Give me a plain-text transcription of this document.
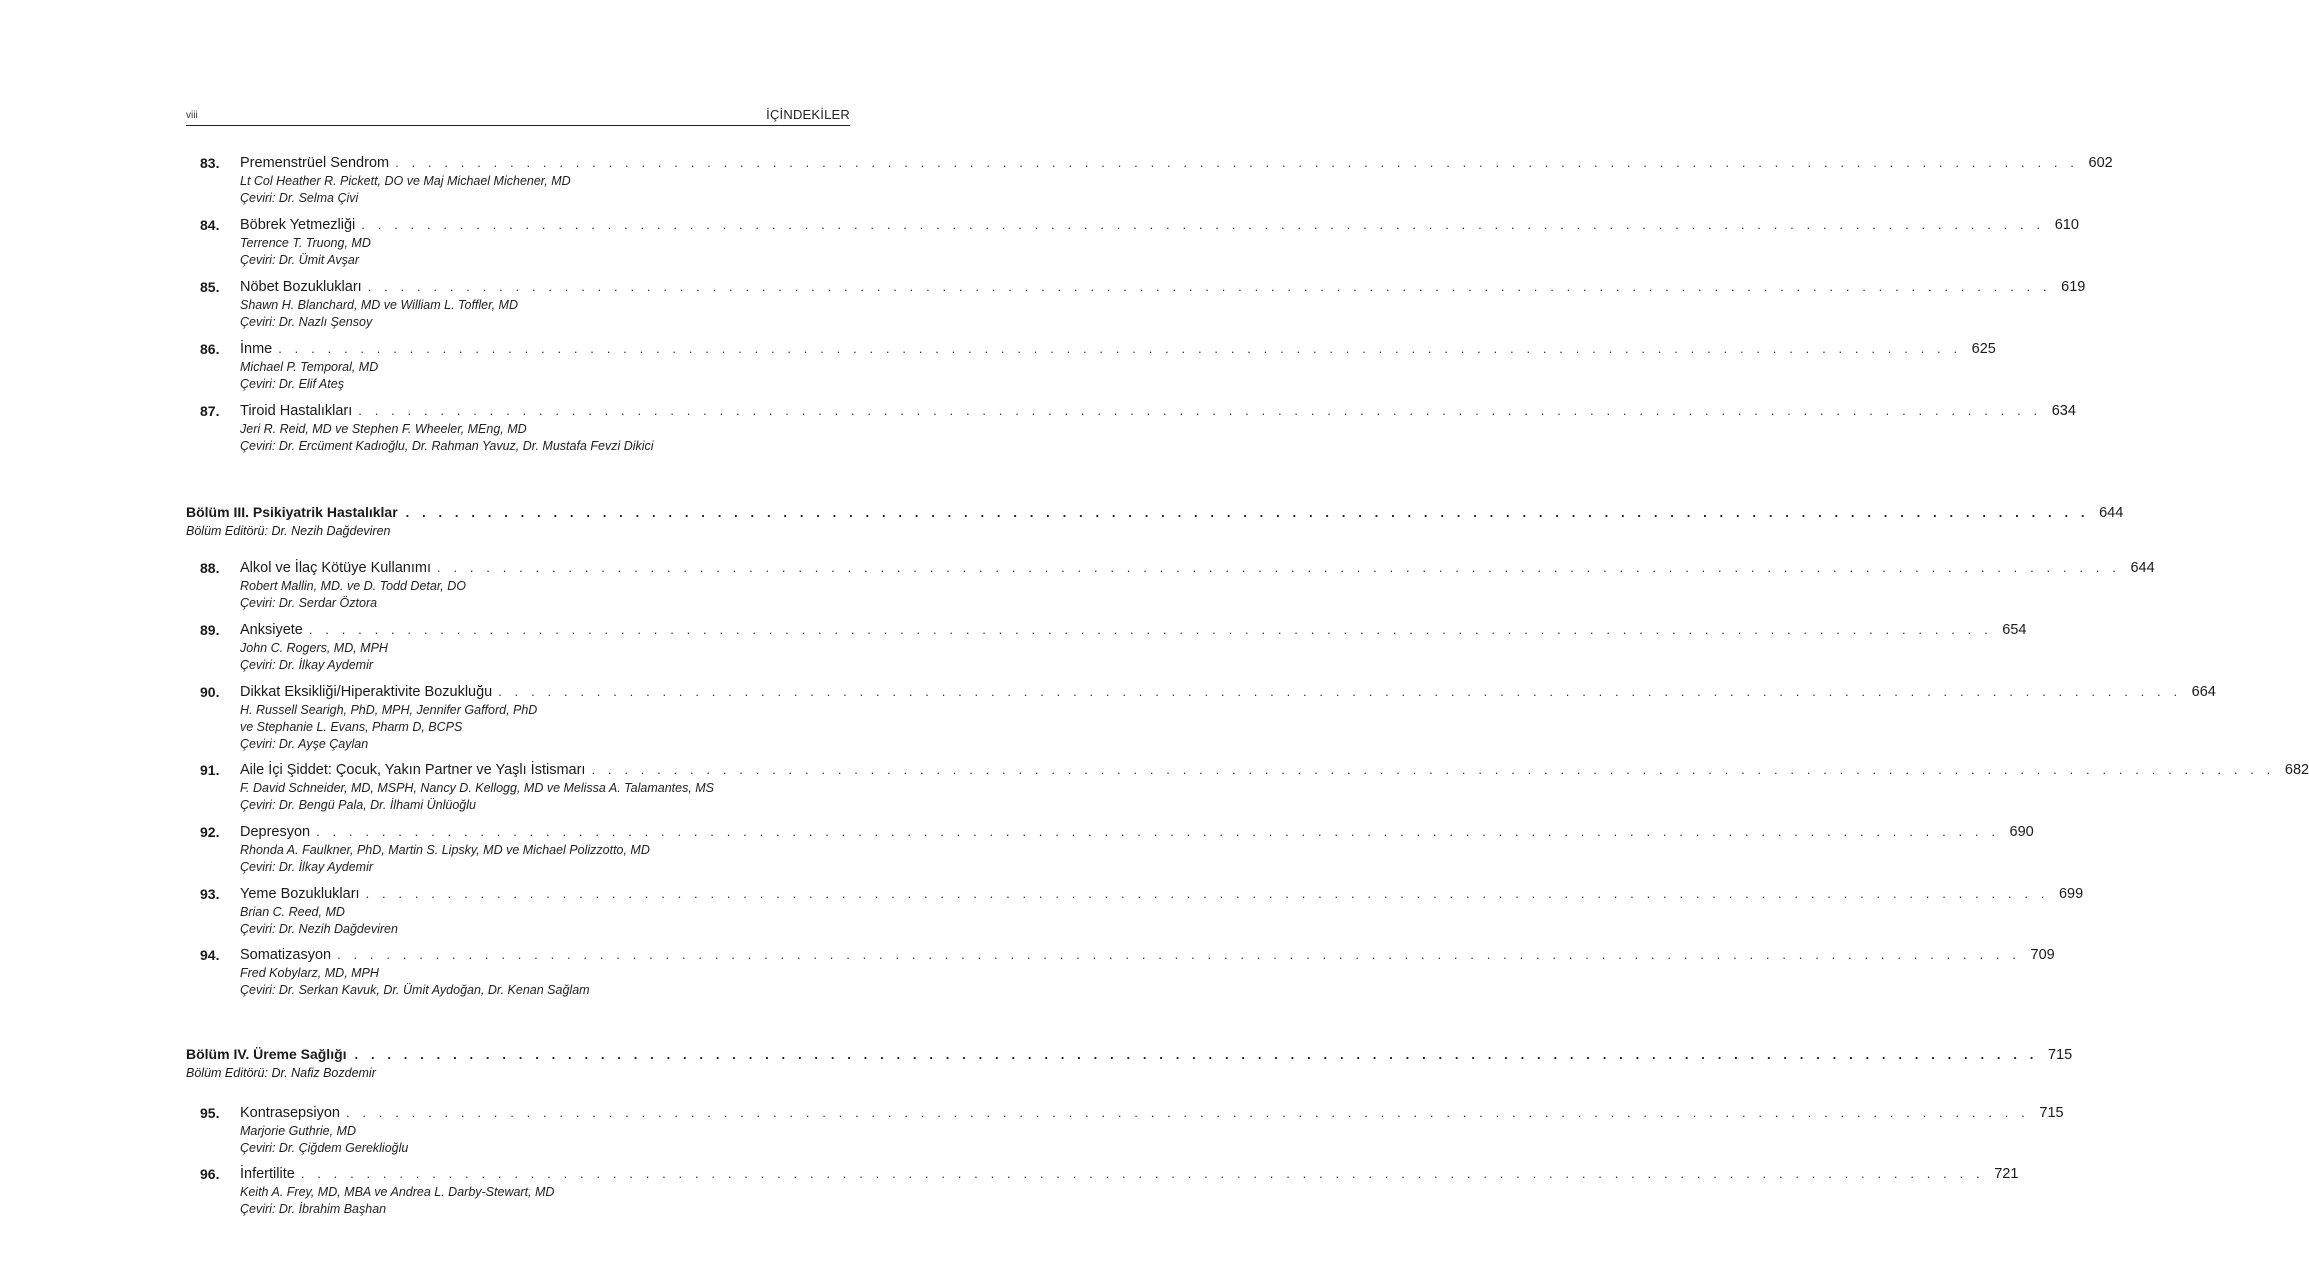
viii	İÇİNDEKİLER
83. Premenstrüel Sendrom . . . . . . . . . . . . . . . . . . . . . . . . . . . . . . . . . . . . . . . . . . . . . . . . . . . . . . . . . . . . . . . . . . . . . . . . . . . . . . . . . . . . . . . . . . . . . . . . . . . . . . . 602
Lt Col Heather R. Pickett, DO ve Maj Michael Michener, MD
Çeviri: Dr. Selma Çivi
84. Böbrek Yetmezliği . . . . . . . . . . . . . . . . . . . . . . . . . . . . . . . . . . . . . . . . . . . . . . . . . . . . . . . . . . . . . . . . . . . . . . . . . . . . . . . . . . . . . . . . . . . . . . . . . . . . . . . 610
Terrence T. Truong, MD
Çeviri: Dr. Ümit Avşar
85. Nöbet Bozuklukları . . . . . . . . . . . . . . . . . . . . . . . . . . . . . . . . . . . . . . . . . . . . . . . . . . . . . . . . . . . . . . . . . . . . . . . . . . . . . . . . . . . . . . . . . . . . . . . . . . . . . . . 619
Shawn H. Blanchard, MD ve William L. Toffler, MD
Çeviri: Dr. Nazlı Şensoy
86. İnme . . . . . . . . . . . . . . . . . . . . . . . . . . . . . . . . . . . . . . . . . . . . . . . . . . . . . . . . . . . . . . . . . . . . . . . . . . . . . . . . . . . . . . . . . . . . . . . . . . . . . . . 625
Michael P. Temporal, MD
Çeviri: Dr. Elif Ateş
87. Tiroid Hastalıkları . . . . . . . . . . . . . . . . . . . . . . . . . . . . . . . . . . . . . . . . . . . . . . . . . . . . . . . . . . . . . . . . . . . . . . . . . . . . . . . . . . . . . . . . . . . . . . . . . . . . . . . 634
Jeri R. Reid, MD ve Stephen F. Wheeler, MEng, MD
Çeviri: Dr. Ercüment Kadıoğlu, Dr. Rahman Yavuz, Dr. Mustafa Fevzi Dikici
Bölüm III. Psikiyatrik Hastalıklar . . . . . . . . . . . . . . . . . . . . . . . . . . . . . . . . . . . . . . . . . . . . . . . . . . . . . . . . . . . . . . . . . . . . . . . . . . . . . . . . . . . . . . . . . . . . . . . . . . . . . . . 644
Bölüm Editörü: Dr. Nezih Dağdeviren
88. Alkol ve İlaç Kötüye Kullanımı . . . . . . . . . . . . . . . . . . . . . . . . . . . . . . . . . . . . . . . . . . . . . . . . . . . . . . . . . . . . . . . . . . . . . . . . . . . . . . . . . . . . . . . . . . . . . . . . . . . . . . . 644
Robert Mallin, MD. ve D. Todd Detar, DO
Çeviri: Dr. Serdar Öztora
89. Anksiyete . . . . . . . . . . . . . . . . . . . . . . . . . . . . . . . . . . . . . . . . . . . . . . . . . . . . . . . . . . . . . . . . . . . . . . . . . . . . . . . . . . . . . . . . . . . . . . . . . . . . . . . 654
John C. Rogers, MD, MPH
Çeviri: Dr. İlkay Aydemir
90. Dikkat Eksikliği/Hiperaktivite Bozukluğu . . . . . . . . . . . . . . . . . . . . . . . . . . . . . . . . . . . . . . . . . . . . . . . . . . . . . . . . . . . . . . . . . . . . . . . . . . . . . . . . . . . . . . . . . . . . . . . . . . . . . . . 664
H. Russell Searigh, PhD, MPH, Jennifer Gafford, PhD
ve Stephanie L. Evans, Pharm D, BCPS
Çeviri: Dr. Ayşe Çaylan
91. Aile İçi Şiddet: Çocuk, Yakın Partner ve Yaşlı İstismarı . . . . . . . . . . . . . . . . . . . . . . . . . . . . . . . . . . . . . . . . . . . . . . . . . . . . . . . . . . . . . . . . . . . . . . . . . . . . . . . . . . . . . . . . . . . . . . . . . . . . . . . 682
F. David Schneider, MD, MSPH, Nancy D. Kellogg, MD ve Melissa A. Talamantes, MS
Çeviri: Dr. Bengü Pala, Dr. İlhami Ünlüoğlu
92. Depresyon . . . . . . . . . . . . . . . . . . . . . . . . . . . . . . . . . . . . . . . . . . . . . . . . . . . . . . . . . . . . . . . . . . . . . . . . . . . . . . . . . . . . . . . . . . . . . . . . . . . . . . . 690
Rhonda A. Faulkner, PhD, Martin S. Lipsky, MD ve Michael Polizzotto, MD
Çeviri: Dr. İlkay Aydemir
93. Yeme Bozuklukları . . . . . . . . . . . . . . . . . . . . . . . . . . . . . . . . . . . . . . . . . . . . . . . . . . . . . . . . . . . . . . . . . . . . . . . . . . . . . . . . . . . . . . . . . . . . . . . . . . . . . . . 699
Brian C. Reed, MD
Çeviri: Dr. Nezih Dağdeviren
94. Somatizasyon . . . . . . . . . . . . . . . . . . . . . . . . . . . . . . . . . . . . . . . . . . . . . . . . . . . . . . . . . . . . . . . . . . . . . . . . . . . . . . . . . . . . . . . . . . . . . . . . . . . . . . . 709
Fred Kobylarz, MD, MPH
Çeviri: Dr. Serkan Kavuk, Dr. Ümit Aydoğan, Dr. Kenan Sağlam
Bölüm IV. Üreme Sağlığı . . . . . . . . . . . . . . . . . . . . . . . . . . . . . . . . . . . . . . . . . . . . . . . . . . . . . . . . . . . . . . . . . . . . . . . . . . . . . . . . . . . . . . . . . . . . . . . . . . . . . . . 715
Bölüm Editörü: Dr. Nafiz Bozdemir
95. Kontrasepsiyon . . . . . . . . . . . . . . . . . . . . . . . . . . . . . . . . . . . . . . . . . . . . . . . . . . . . . . . . . . . . . . . . . . . . . . . . . . . . . . . . . . . . . . . . . . . . . . . . . . . . . . . 715
Marjorie Guthrie, MD
Çeviri: Dr. Çiğdem Gereklioğlu
96. İnfertilite . . . . . . . . . . . . . . . . . . . . . . . . . . . . . . . . . . . . . . . . . . . . . . . . . . . . . . . . . . . . . . . . . . . . . . . . . . . . . . . . . . . . . . . . . . . . . . . . . . . . . . . 721
Keith A. Frey, MD, MBA ve Andrea L. Darby-Stewart, MD
Çeviri: Dr. İbrahim Başhan
